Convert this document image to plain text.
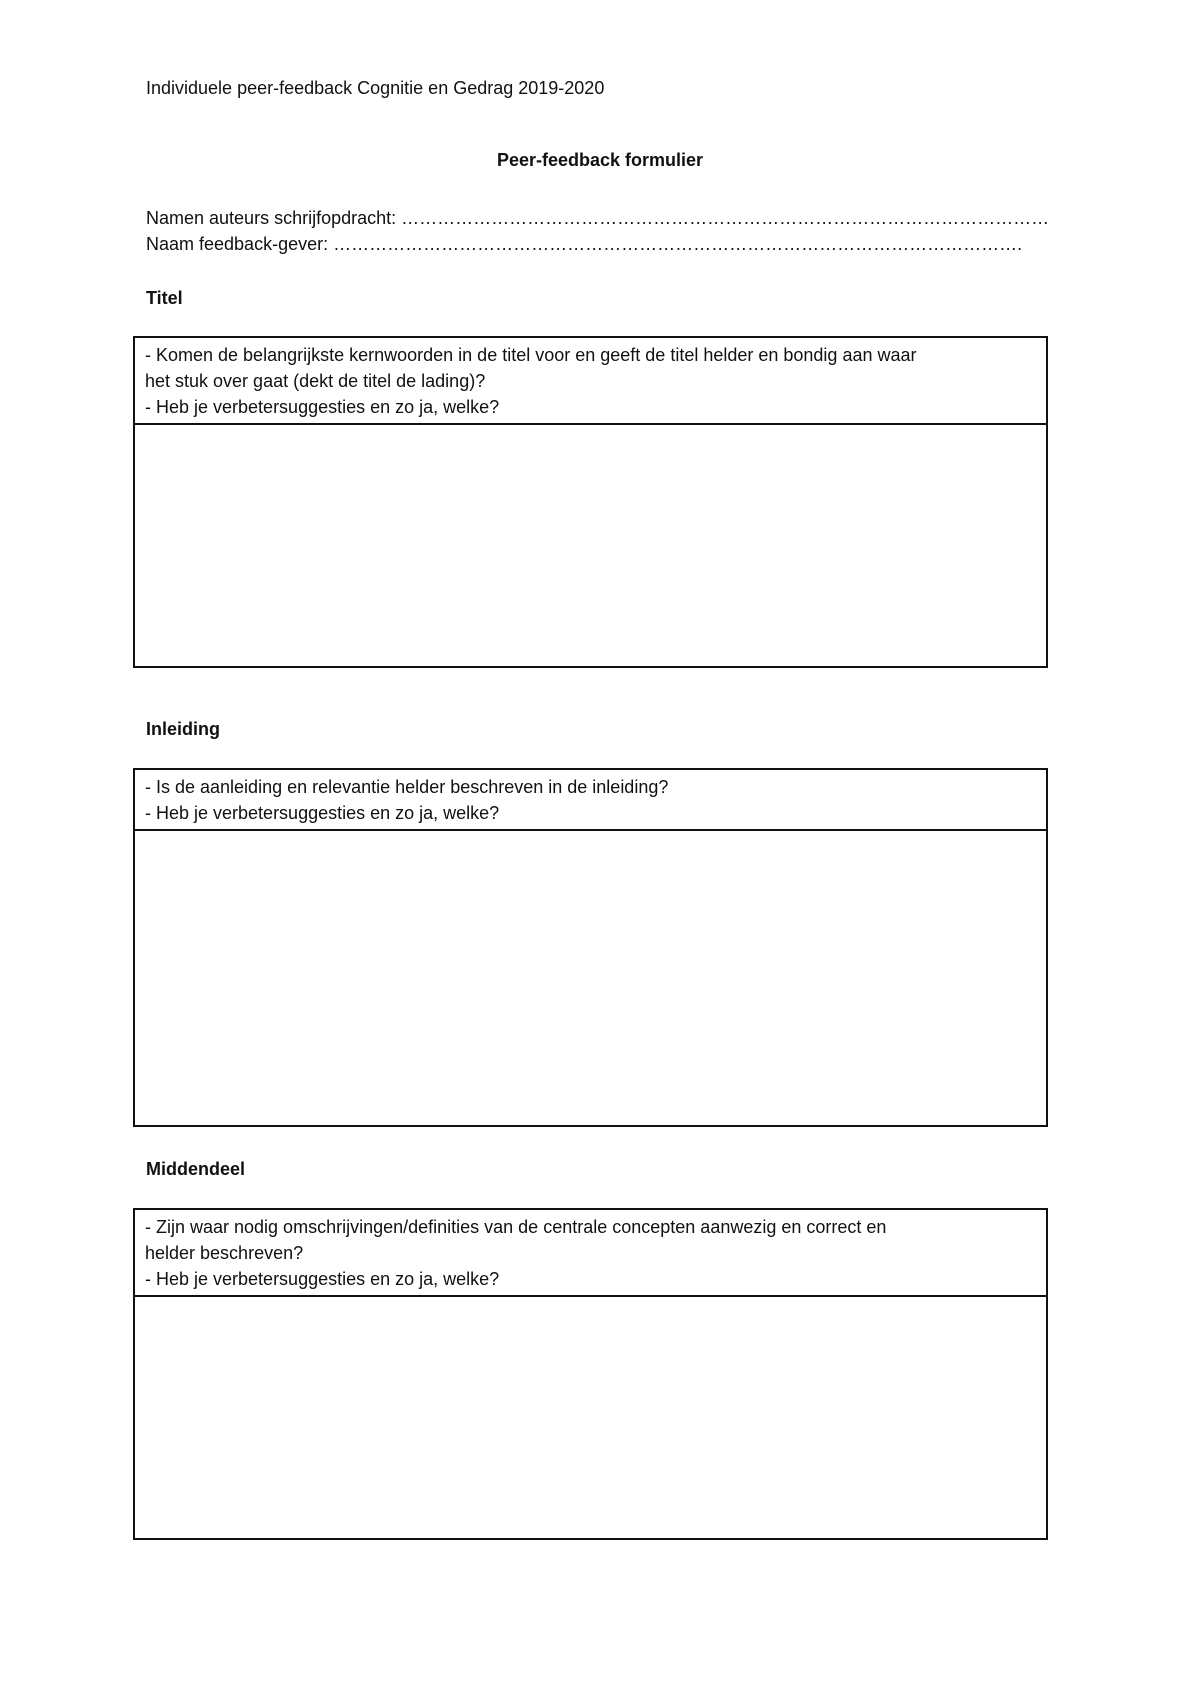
Individuele peer-feedback Cognitie en Gedrag 2019-2020
Peer-feedback formulier
Namen auteurs schrijfopdracht: ………………………………………………………………………………………………
Naam feedback-gever: …………………………………………………………………………………………………….
Titel
- Komen de belangrijkste kernwoorden in de titel voor en geeft de titel helder en bondig aan waar
het stuk over gaat (dekt de titel de lading)?
- Heb je verbetersuggesties en zo ja, welke?
Inleiding
- Is de aanleiding en relevantie helder beschreven in de inleiding?
- Heb je verbetersuggesties en zo ja, welke?
Middendeel
- Zijn waar nodig omschrijvingen/definities van de centrale concepten aanwezig en correct en
helder beschreven?
- Heb je verbetersuggesties en zo ja, welke?
